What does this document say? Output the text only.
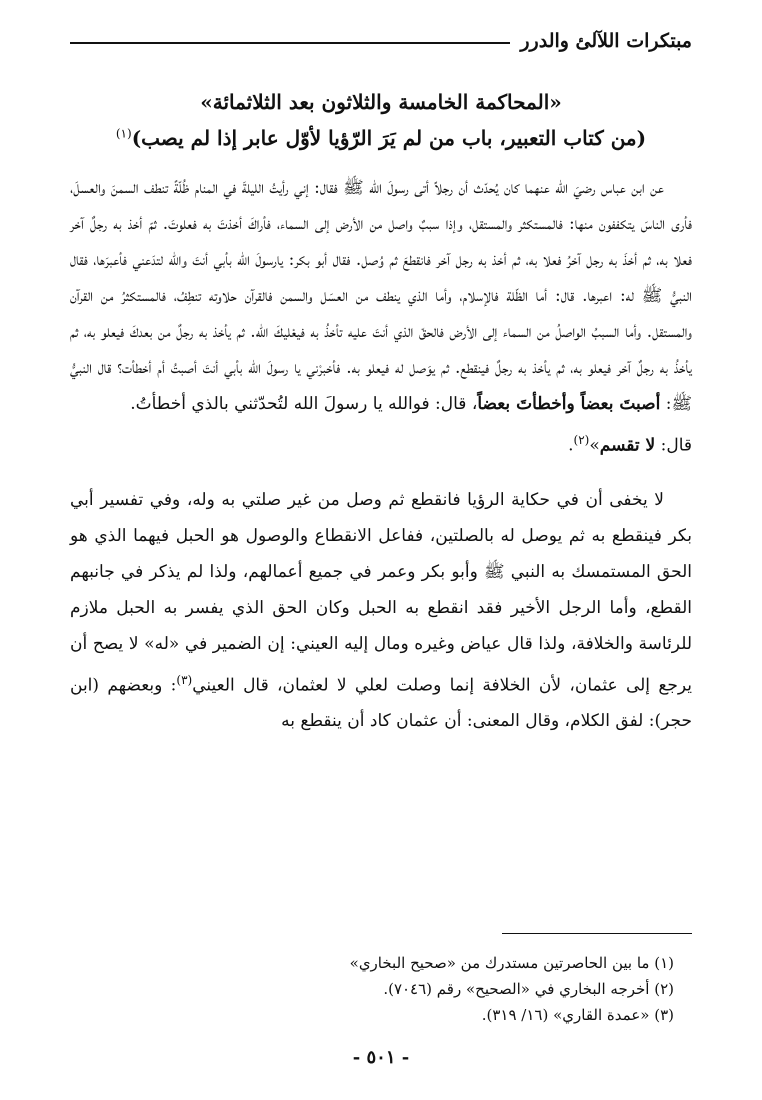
مبتكرات اللآلئ والدرر
«المحاكمة الخامسة والثلاثون بعد الثلاثمائة»
(من كتاب التعبير، باب من لم يَرَ الرّؤيا لأوّل عابر إذا لم يصب)$^{(١)}$

عن ابن عباس رضيَ الله عنهما كان يُحدّث أن رجلاً أتى رسولَ الله ﷺ فقال: إني رأيتُ الليلةَ في المنام ظُلّةً تنطف السمنَ والعسلَ، فأرى الناسَ يتكففون منها: فالمستكثر والمستقل، وإذا سببٌ واصل من الأرض إلى السماء، فأراكَ أخذتَ به فعلوتَ. ثمّ أخذ به رجلٌ آخر فعلا به، ثم أخذَ به رجل آخرُ فعلا به، ثم أخذ به رجل آخر فانقطعَ ثم وُصل. فقال أبو بكر: يارسولَ الله بأبي أنتَ والله لتدَعني فأعبرَها، فقال النبيُّ ﷺ له: اعبرها. قال: أما الظّلة فالإسلام، وأما الذي ينطف من العسَل والسمن فالقرآن حلاوته تنطِفُ، فالمستكثرُ من القرآن والمستقل. وأما السببُ الواصلُ من السماء إلى الأرض فالحقّ الذي أنتَ عليه تأخذُ به فيعْليكَ الله. ثم يأخذ به رجلٌ من بعدكَ فيعلو به، ثم يأخذُ به رجلٌ آخر فيعلو به، ثم يأخذ به رجلٌ فينقطع. ثم يوَصل له فيعلو به. فأخبرْني يا رسولَ الله بأبي أنتَ أصبتُ أم أخطأت؟ قال النبيُّ ﷺ: أصبتَ بعضاً وأخطأتَ بعضاً، قال: فوالله يا رسولَ الله لتُحدّثني بالذي أخطأتُ.

قال: لا تقسم»$^{(٢)}$.

لا يخفى أن في حكاية الرؤيا فانقطع ثم وصل من غير صلتي به وله، وفي تفسير أبي بكر فينقطع به ثم يوصل له بالصلتين، ففاعل الانقطاع والوصول هو الحبل فيهما الذي هو الحق المستمسك به النبي ﷺ وأبو بكر وعمر في جميع أعمالهم، ولذا لم يذكر في جانبهم القطع، وأما الرجل الأخير فقد انقطع به الحبل وكان الحق الذي يفسر به الحبل ملازم للرئاسة والخلافة، ولذا قال عياض وغيره ومال إليه العيني: إن الضمير في «له» لا يصح أن يرجع إلى عثمان، لأن الخلافة إنما وصلت لعلي لا لعثمان، قال العيني$^{(٣)}$: وبعضهم (ابن حجر): لفق الكلام، وقال المعنى: أن عثمان كاد أن ينقطع به

(١) ما بين الحاصرتين مستدرك من «صحيح البخاري»
(٢) أخرجه البخاري في «الصحيح» رقم (٧٠٤٦).
(٣) «عمدة القاري» (١٦/ ٣١٩).
- ٥٠١ -
